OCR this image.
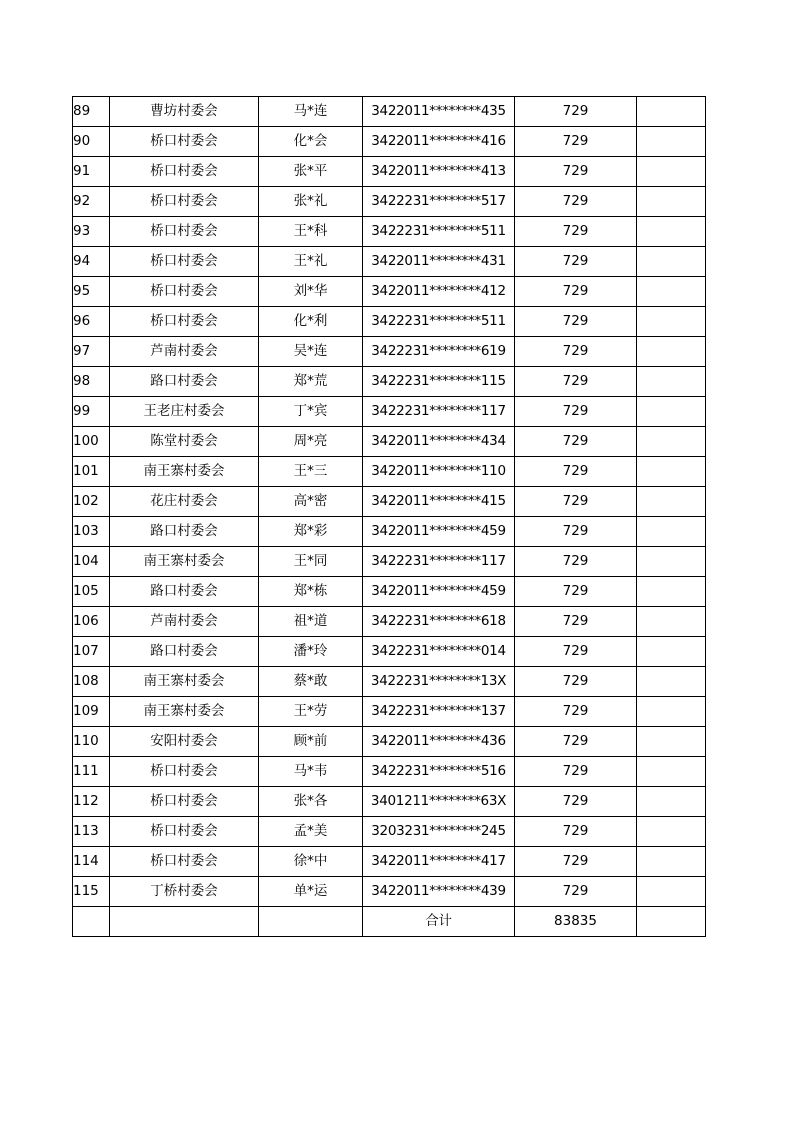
89	曹坊村委会	马*连	3422011********435	729	
90	桥口村委会	化*会	3422011********416	729	
91	桥口村委会	张*平	3422011********413	729	
92	桥口村委会	张*礼	3422231********517	729	
93	桥口村委会	王*科	3422231********511	729	
94	桥口村委会	王*礼	3422011********431	729	
95	桥口村委会	刘*华	3422011********412	729	
96	桥口村委会	化*利	3422231********511	729	
97	芦南村委会	吴*连	3422231********619	729	
98	路口村委会	郑*荒	3422231********115	729	
99	王老庄村委会	丁*宾	3422231********117	729	
100	陈堂村委会	周*亮	3422011********434	729	
101	南王寨村委会	王*三	3422011********110	729	
102	花庄村委会	高*密	3422011********415	729	
103	路口村委会	郑*彩	3422011********459	729	
104	南王寨村委会	王*同	3422231********117	729	
105	路口村委会	郑*栋	3422011********459	729	
106	芦南村委会	祖*道	3422231********618	729	
107	路口村委会	潘*玲	3422231********014	729	
108	南王寨村委会	蔡*敢	3422231********13X	729	
109	南王寨村委会	王*劳	3422231********137	729	
110	安阳村委会	顾*前	3422011********436	729	
111	桥口村委会	马*韦	3422231********516	729	
112	桥口村委会	张*各	3401211********63X	729	
113	桥口村委会	孟*美	3203231********245	729	
114	桥口村委会	徐*中	3422011********417	729	
115	丁桥村委会	单*运	3422011********439	729	
			合计	83835	
